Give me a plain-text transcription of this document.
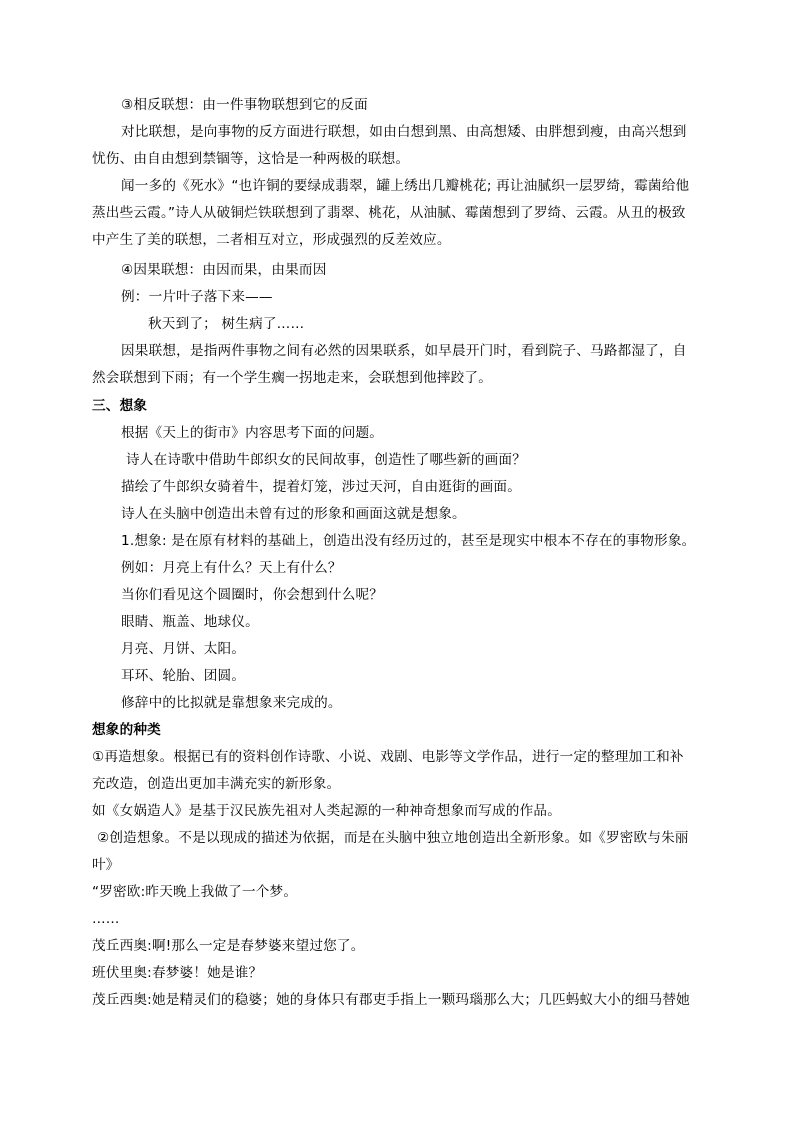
③相反联想：由一件事物联想到它的反面
对比联想，是向事物的反方面进行联想，如由白想到黑、由高想矮、由胖想到瘦，由高兴想到
忧伤、由自由想到禁锢等，这恰是一种两极的联想。
闻一多的《死水》“也许铜的要绿成翡翠，罐上绣出几瓣桃花; 再让油腻织一层罗绮，霉菌给他
蒸出些云霞。”诗人从破铜烂铁联想到了翡翠、桃花，从油腻、霉菌想到了罗绮、云霞。从丑的极致
中产生了美的联想，二者相互对立，形成强烈的反差效应。
④因果联想：由因而果，由果而因
例：一片叶子落下来——
秋天到了； 树生病了……
因果联想，是指两件事物之间有必然的因果联系，如早晨开门时，看到院子、马路都湿了，自
然会联想到下雨；有一个学生瘸一拐地走来，会联想到他摔跤了。
三、想象
根据《天上的街市》内容思考下面的问题。
诗人在诗歌中借助牛郎织女的民间故事，创造性了哪些新的画面？
描绘了牛郎织女骑着牛，提着灯笼，涉过天河，自由逛街的画面。
诗人在头脑中创造出未曾有过的形象和画面这就是想象。
1.想象: 是在原有材料的基础上，创造出没有经历过的，甚至是现实中根本不存在的事物形象。
例如：月亮上有什么？天上有什么？
当你们看见这个圆圈时，你会想到什么呢？
眼睛、瓶盖、地球仪。
月亮、月饼、太阳。
耳环、轮胎、团圆。
修辞中的比拟就是靠想象来完成的。
想象的种类
①再造想象。根据已有的资料创作诗歌、小说、戏剧、电影等文学作品，进行一定的整理加工和补
充改造，创造出更加丰满充实的新形象。
如《女娲造人》是基于汉民族先祖对人类起源的一种神奇想象而写成的作品。
②创造想象。不是以现成的描述为依据，而是在头脑中独立地创造出全新形象。如《罗密欧与朱丽
叶》
“罗密欧:昨天晚上我做了一个梦。
……
茂丘西奥:啊!那么一定是春梦婆来望过您了。
班伏里奥:春梦婆！她是谁？
茂丘西奥:她是精灵们的稳婆；她的身体只有郡吏手指上一颗玛瑙那么大；几匹蚂蚁大小的细马替她
